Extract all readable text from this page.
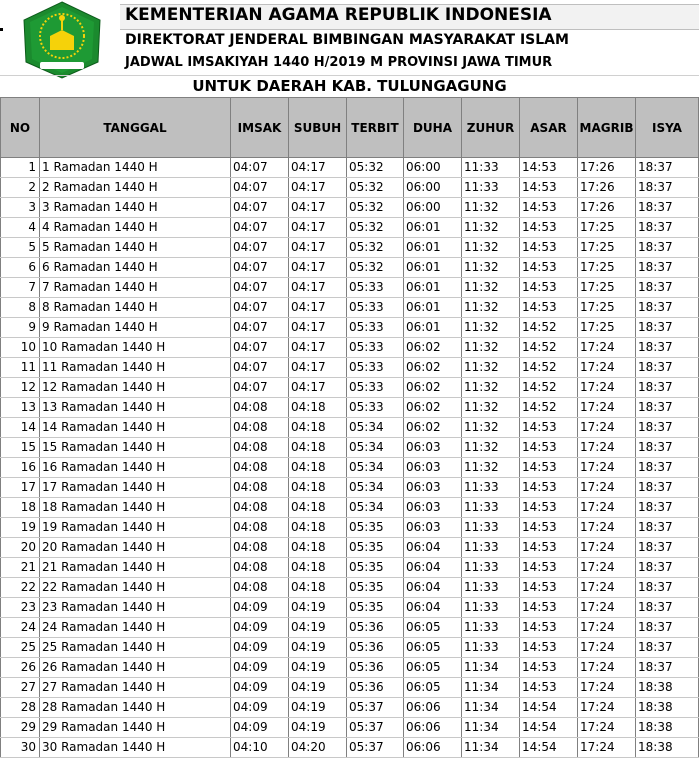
KEMENTERIAN AGAMA REPUBLIK INDONESIA
DIREKTORAT JENDERAL BIMBINGAN MASYARAKAT ISLAM
JADWAL IMSAKIYAH 1440 H/2019 M PROVINSI JAWA TIMUR
UNTUK DAERAH KAB. TULUNGAGUNG
NO	TANGGAL	IMSAK	SUBUH	TERBIT	DUHA	ZUHUR	ASAR	MAGRIB	ISYA
1	1 Ramadan 1440 H	04:07	04:17	05:32	06:00	11:33	14:53	17:26	18:37
2	2 Ramadan 1440 H	04:07	04:17	05:32	06:00	11:33	14:53	17:26	18:37
3	3 Ramadan 1440 H	04:07	04:17	05:32	06:00	11:32	14:53	17:26	18:37
4	4 Ramadan 1440 H	04:07	04:17	05:32	06:01	11:32	14:53	17:25	18:37
5	5 Ramadan 1440 H	04:07	04:17	05:32	06:01	11:32	14:53	17:25	18:37
6	6 Ramadan 1440 H	04:07	04:17	05:32	06:01	11:32	14:53	17:25	18:37
7	7 Ramadan 1440 H	04:07	04:17	05:33	06:01	11:32	14:53	17:25	18:37
8	8 Ramadan 1440 H	04:07	04:17	05:33	06:01	11:32	14:53	17:25	18:37
9	9 Ramadan 1440 H	04:07	04:17	05:33	06:01	11:32	14:52	17:25	18:37
10	10 Ramadan 1440 H	04:07	04:17	05:33	06:02	11:32	14:52	17:24	18:37
11	11 Ramadan 1440 H	04:07	04:17	05:33	06:02	11:32	14:52	17:24	18:37
12	12 Ramadan 1440 H	04:07	04:17	05:33	06:02	11:32	14:52	17:24	18:37
13	13 Ramadan 1440 H	04:08	04:18	05:33	06:02	11:32	14:52	17:24	18:37
14	14 Ramadan 1440 H	04:08	04:18	05:34	06:02	11:32	14:53	17:24	18:37
15	15 Ramadan 1440 H	04:08	04:18	05:34	06:03	11:32	14:53	17:24	18:37
16	16 Ramadan 1440 H	04:08	04:18	05:34	06:03	11:32	14:53	17:24	18:37
17	17 Ramadan 1440 H	04:08	04:18	05:34	06:03	11:33	14:53	17:24	18:37
18	18 Ramadan 1440 H	04:08	04:18	05:34	06:03	11:33	14:53	17:24	18:37
19	19 Ramadan 1440 H	04:08	04:18	05:35	06:03	11:33	14:53	17:24	18:37
20	20 Ramadan 1440 H	04:08	04:18	05:35	06:04	11:33	14:53	17:24	18:37
21	21 Ramadan 1440 H	04:08	04:18	05:35	06:04	11:33	14:53	17:24	18:37
22	22 Ramadan 1440 H	04:08	04:18	05:35	06:04	11:33	14:53	17:24	18:37
23	23 Ramadan 1440 H	04:09	04:19	05:35	06:04	11:33	14:53	17:24	18:37
24	24 Ramadan 1440 H	04:09	04:19	05:36	06:05	11:33	14:53	17:24	18:37
25	25 Ramadan 1440 H	04:09	04:19	05:36	06:05	11:33	14:53	17:24	18:37
26	26 Ramadan 1440 H	04:09	04:19	05:36	06:05	11:34	14:53	17:24	18:37
27	27 Ramadan 1440 H	04:09	04:19	05:36	06:05	11:34	14:53	17:24	18:38
28	28 Ramadan 1440 H	04:09	04:19	05:37	06:06	11:34	14:54	17:24	18:38
29	29 Ramadan 1440 H	04:09	04:19	05:37	06:06	11:34	14:54	17:24	18:38
30	30 Ramadan 1440 H	04:10	04:20	05:37	06:06	11:34	14:54	17:24	18:38
